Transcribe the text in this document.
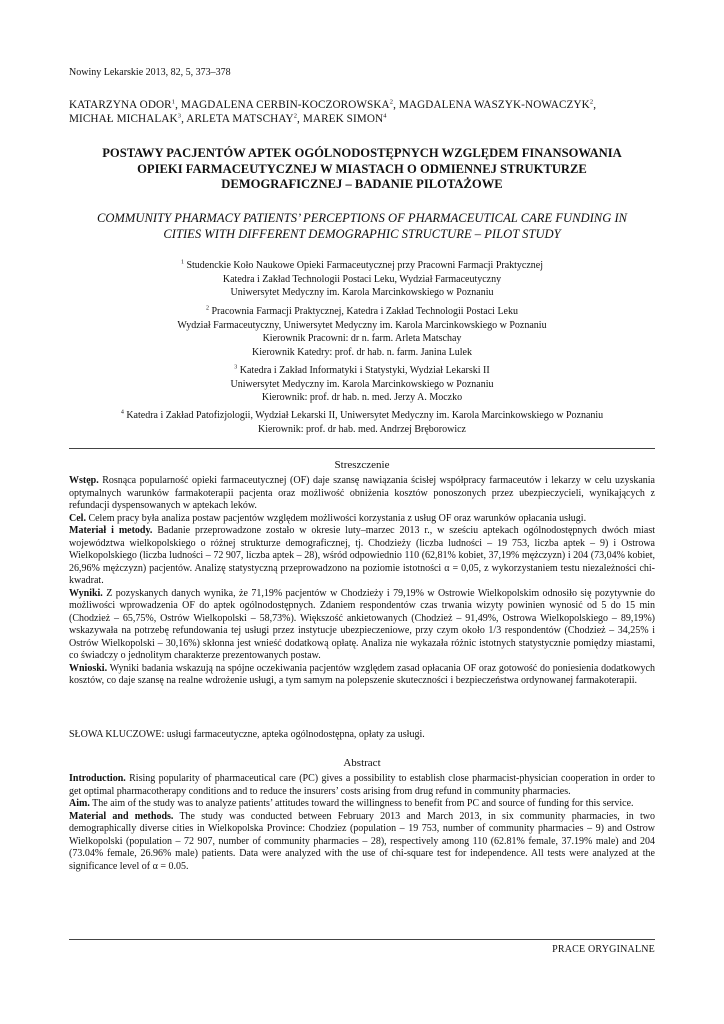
Nowiny Lekarskie 2013, 82, 5, 373–378
KATARZYNA ODOR$^1$, MAGDALENA CERBIN-KOCZOROWSKA$^2$, MAGDALENA WASZYK-NOWACZYK$^2$,
MICHAŁ MICHALAK$^3$, ARLETA MATSCHAY$^2$, MAREK SIMON$^4$
POSTAWY PACJENTÓW APTEK OGÓLNODOSTĘPNYCH WZGLĘDEM FINANSOWANIA
OPIEKI FARMACEUTYCZNEJ W MIASTACH O ODMIENNEJ STRUKTURZE
DEMOGRAFICZNEJ – BADANIE PILOTAŻOWE
COMMUNITY PHARMACY PATIENTS’ PERCEPTIONS OF PHARMACEUTICAL CARE FUNDING IN
CITIES WITH DIFFERENT DEMOGRAPHIC STRUCTURE – PILOT STUDY
$^1$ Studenckie Koło Naukowe Opieki Farmaceutycznej przy Pracowni Farmacji Praktycznej
Katedra i Zakład Technologii Postaci Leku, Wydział Farmaceutyczny
Uniwersytet Medyczny im. Karola Marcinkowskiego w Poznaniu
$^2$ Pracownia Farmacji Praktycznej, Katedra i Zakład Technologii Postaci Leku
Wydział Farmaceutyczny, Uniwersytet Medyczny im. Karola Marcinkowskiego w Poznaniu
Kierownik Pracowni: dr n. farm. Arleta Matschay
Kierownik Katedry: prof. dr hab. n. farm. Janina Lulek
$^3$ Katedra i Zakład Informatyki i Statystyki, Wydział Lekarski II
Uniwersytet Medyczny im. Karola Marcinkowskiego w Poznaniu
Kierownik: prof. dr hab. n. med. Jerzy A. Moczko
$^4$ Katedra i Zakład Patofizjologii, Wydział Lekarski II, Uniwersytet Medyczny im. Karola Marcinkowskiego w Poznaniu
Kierownik: prof. dr hab. med. Andrzej Bręborowicz
Streszczenie

Wstęp. Rosnąca popularność opieki farmaceutycznej (OF) daje szansę nawiązania ścisłej współpracy farmaceutów i lekarzy w celu uzyskania optymalnych warunków farmakoterapii pacjenta oraz możliwość obniżenia kosztów ponoszonych przez ubezpieczycieli, wynikających z refundacji dyspensowanych w aptekach leków.

Cel. Celem pracy była analiza postaw pacjentów względem możliwości korzystania z usług OF oraz warunków opłacania usługi.

Materiał i metody. Badanie przeprowadzone zostało w okresie luty–marzec 2013 r., w sześciu aptekach ogólnodostępnych dwóch miast województwa wielkopolskiego o różnej strukturze demograficznej, tj. Chodzieży (liczba ludności – 19 753, liczba aptek – 9) i Ostrowa Wielkopolskiego (liczba ludności – 72 907, liczba aptek – 28), wśród odpowiednio 110 (62,81% kobiet, 37,19% mężczyzn) i 204 (73,04% kobiet, 26,96% mężczyzn) pacjentów. Analizę statystyczną przeprowadzono na poziomie istotności α = 0,05, z wykorzystaniem testu niezależności chi-kwadrat.

Wyniki. Z pozyskanych danych wynika, że 71,19% pacjentów w Chodzieży i 79,19% w Ostrowie Wielkopolskim odnosiło się pozytywnie do możliwości wprowadzenia OF do aptek ogólnodostępnych. Zdaniem respondentów czas trwania wizyty powinien wynosić od 5 do 15 min (Chodzież – 65,75%, Ostrów Wielkopolski – 58,73%). Większość ankietowanych (Chodzież – 91,49%, Ostrowa Wielkopolskiego – 89,19%) wskazywała na potrzebę refundowania tej usługi przez instytucje ubezpieczeniowe, przy czym około 1/3 respondentów (Chodzież – 34,25% i Ostrów Wielkopolski – 30,16%) skłonna jest wnieść dodatkową opłatę. Analiza nie wykazała różnic istotnych statystycznie pomiędzy miastami, co świadczy o jednolitym charakterze prezentowanych postaw.

Wnioski. Wyniki badania wskazują na spójne oczekiwania pacjentów względem zasad opłacania OF oraz gotowość do poniesienia dodatkowych kosztów, co daje szansę na realne wdrożenie usługi, a tym samym na polepszenie skuteczności i bezpieczeństwa ordynowanej farmakoterapii.

SŁOWA KLUCZOWE: usługi farmaceutyczne, apteka ogólnodostępna, opłaty za usługi.
Abstract

Introduction. Rising popularity of pharmaceutical care (PC) gives a possibility to establish close pharmacist-physician cooperation in order to get optimal pharmacotherapy conditions and to reduce the insurers’ costs arising from drug refund in community pharmacies.

Aim. The aim of the study was to analyze patients’ attitudes toward the willingness to benefit from PC and source of funding for this service.

Material and methods. The study was conducted between February 2013 and March 2013, in six community pharmacies, in two demographically diverse cities in Wielkopolska Province: Chodziez (population – 19 753, number of community pharmacies – 9) and Ostrow Wielkopolski (population – 72 907, number of community pharmacies – 28), respectively among 110 (62.81% female, 37.19% male) and 204 (73.04% female, 26.96% male) patients. Data were analyzed with the use of chi-square test for independence. All tests were analyzed at the significance level of α = 0.05.

PRACE ORYGINALNE
